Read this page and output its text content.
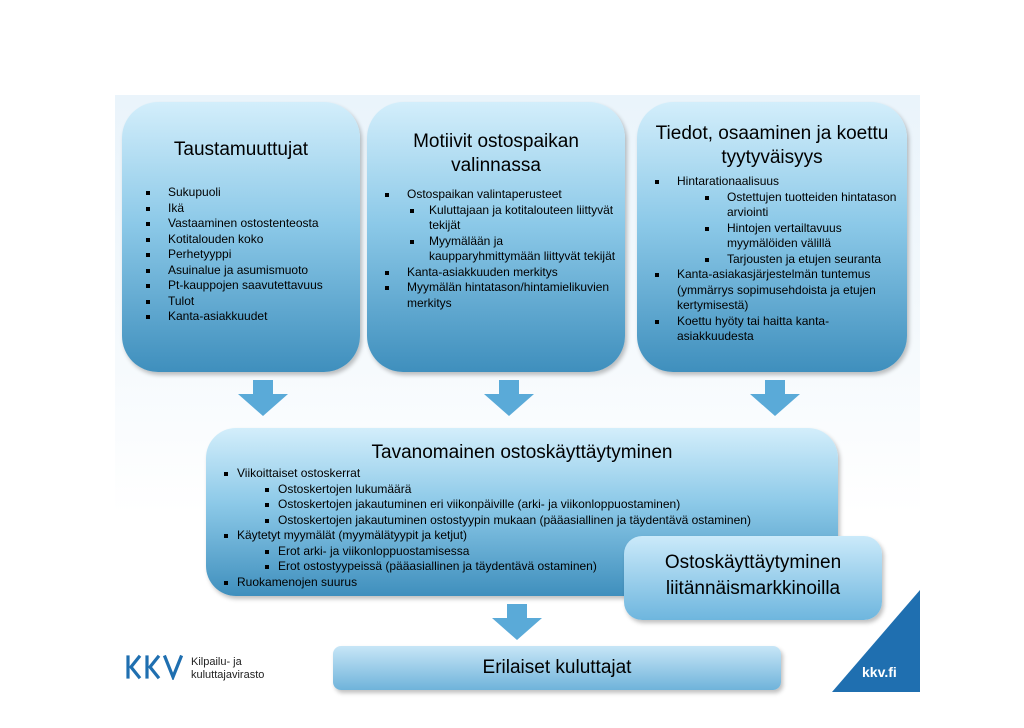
Taustamuuttujat

Sukupuoli
Ikä
Vastaaminen ostostenteosta
Kotitalouden koko
Perhetyyppi
Asuinalue ja asumismuoto
Pt-kauppojen saavutettavuus
Tulot
Kanta-asiakkuudet

Motiivit ostospaikan valinnassa

Ostospaikan valintaperusteet
Kuluttajaan ja kotitalouteen liittyvät tekijät
Myymälään ja kaupparyhmittymään liittyvät tekijät
Kanta-asiakkuuden merkitys
Myymälän hintatason/hintamielikuvien merkitys

Tiedot, osaaminen ja koettu tyytyväisyys

Hintarationaalisuus
Ostettujen tuotteiden hintatason arviointi
Hintojen vertailtavuus myymälöiden välillä
Tarjousten ja etujen seuranta
Kanta-asiakasjärjestelmän tuntemus (ymmärrys sopimusehdoista ja etujen kertymisestä)
Koettu hyöty tai haitta kanta-asiakkuudesta

Tavanomainen ostoskäyttäytyminen

Viikoittaiset ostoskerrat
Ostoskertojen lukumäärä
Ostoskertojen jakautuminen eri viikonpäiville (arki- ja viikonloppuostaminen)
Ostoskertojen jakautuminen ostostyypin mukaan (pääasiallinen ja täydentävä ostaminen)
Käytetyt myymälät (myymälätyypit ja ketjut)
Erot arki- ja viikonloppuostamisessa
Erot ostostyypeissä (pääasiallinen ja täydentävä ostaminen)
Ruokamenojen suurus

Ostoskäyttäytyminen liitännäismarkkinoilla

Erilaiset kuluttajat

Kilpailu- ja
kuluttajavirasto	kkv.fi
